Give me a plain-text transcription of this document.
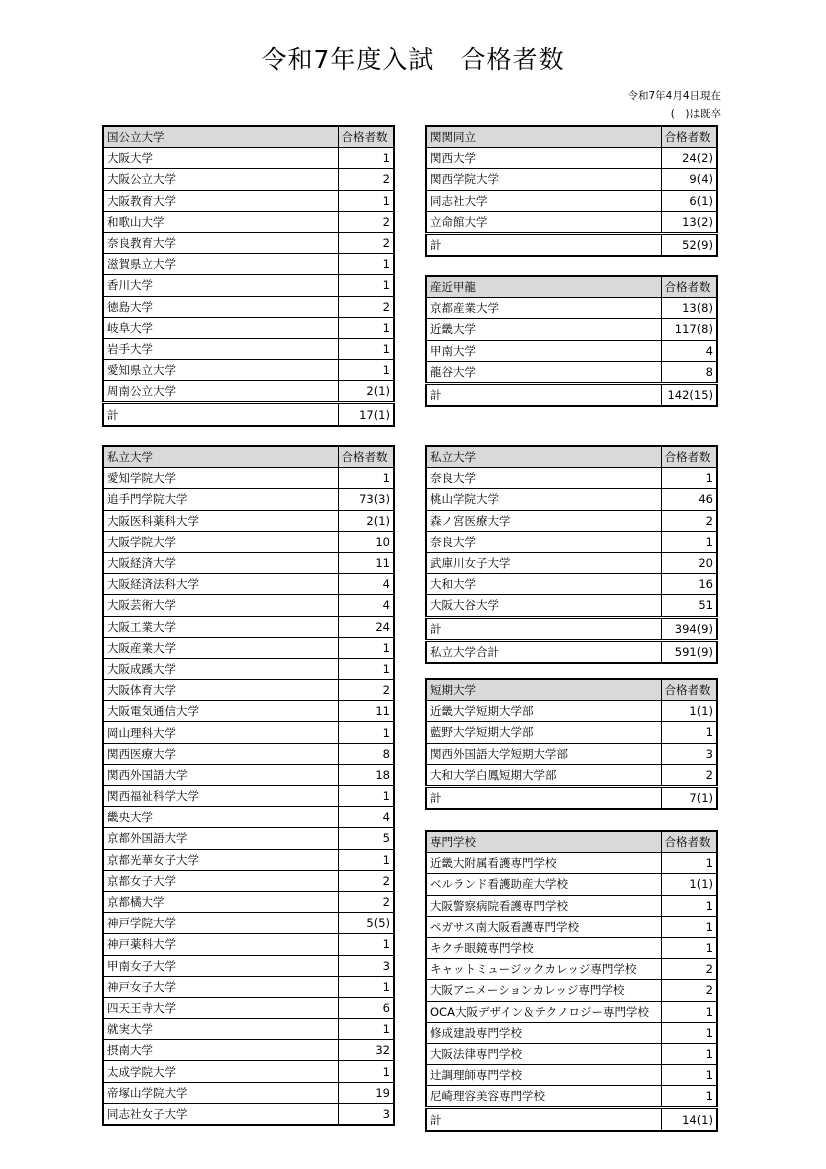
令和7年度入試　合格者数
令和7年4月4日現在
(　)は既卒
国公立大学	合格者数
大阪大学	1
大阪公立大学	2
大阪教育大学	1
和歌山大学	2
奈良教育大学	2
滋賀県立大学	1
香川大学	1
徳島大学	2
岐阜大学	1
岩手大学	1
愛知県立大学	1
周南公立大学	2(1)
計	17(1)
関関同立	合格者数
関西大学	24(2)
関西学院大学	9(4)
同志社大学	6(1)
立命館大学	13(2)
計	52(9)
産近甲龍	合格者数
京都産業大学	13(8)
近畿大学	117(8)
甲南大学	4
龍谷大学	8
計	142(15)
私立大学	合格者数
愛知学院大学	1
追手門学院大学	73(3)
大阪医科薬科大学	2(1)
大阪学院大学	10
大阪経済大学	11
大阪経済法科大学	4
大阪芸術大学	4
大阪工業大学	24
大阪産業大学	1
大阪成蹊大学	1
大阪体育大学	2
大阪電気通信大学	11
岡山理科大学	1
関西医療大学	8
関西外国語大学	18
関西福祉科学大学	1
畿央大学	4
京都外国語大学	5
京都光華女子大学	1
京都女子大学	2
京都橘大学	2
神戸学院大学	5(5)
神戸薬科大学	1
甲南女子大学	3
神戸女子大学	1
四天王寺大学	6
就実大学	1
摂南大学	32
太成学院大学	1
帝塚山学院大学	19
同志社女子大学	3
私立大学	合格者数
奈良大学	1
桃山学院大学	46
森ノ宮医療大学	2
奈良大学	1
武庫川女子大学	20
大和大学	16
大阪大谷大学	51
計	394(9)
私立大学合計	591(9)
短期大学	合格者数
近畿大学短期大学部	1(1)
藍野大学短期大学部	1
関西外国語大学短期大学部	3
大和大学白鳳短期大学部	2
計	7(1)
専門学校	合格者数
近畿大附属看護専門学校	1
ベルランド看護助産大学校	1(1)
大阪警察病院看護専門学校	1
ペガサス南大阪看護専門学校	1
キクチ眼鏡専門学校	1
キャットミュージックカレッジ専門学校	2
大阪アニメーションカレッジ専門学校	2
OCA大阪デザイン＆テクノロジー専門学校	1
修成建設専門学校	1
大阪法律専門学校	1
辻調理師専門学校	1
尼崎理容美容専門学校	1
計	14(1)
